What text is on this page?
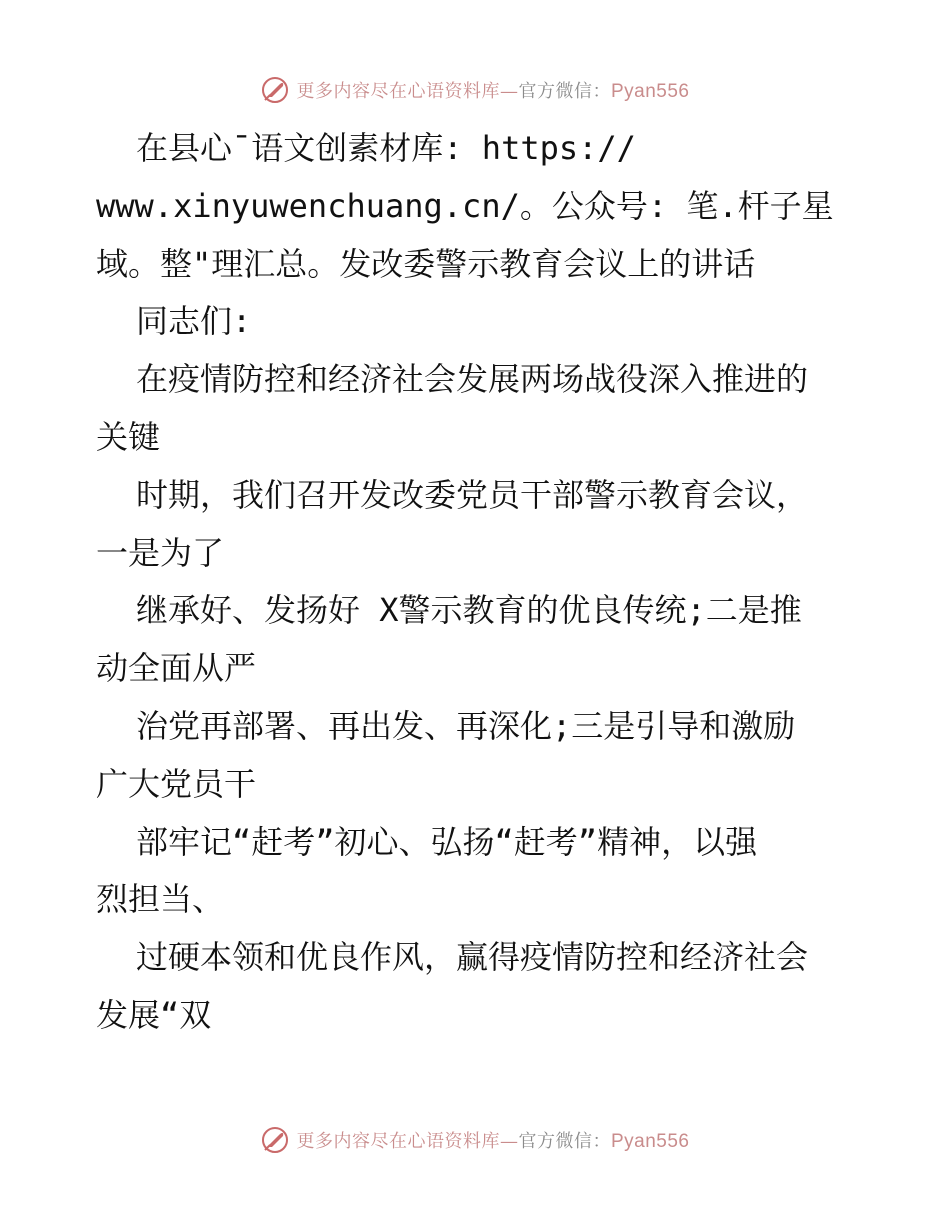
更多内容尽在心语资料库—官方微信：Pyan556
在县心¯语文创素材库: https://
www.xinyuwenchuang.cn/。公众号: 笔.杆子星
域。整"理汇总。发改委警示教育会议上的讲话
同志们:
在疫情防控和经济社会发展两场战役深入推进的
关键
时期，我们召开发改委党员干部警示教育会议，
一是为了
继承好、发扬好 X警示教育的优良传统;二是推
动全面从严
治党再部署、再出发、再深化;三是引导和激励
广大党员干
部牢记“赶考”初心、弘扬“赶考”精神，以强
烈担当、
过硬本领和优良作风，赢得疫情防控和经济社会
发展“双
更多内容尽在心语资料库—官方微信：Pyan556
